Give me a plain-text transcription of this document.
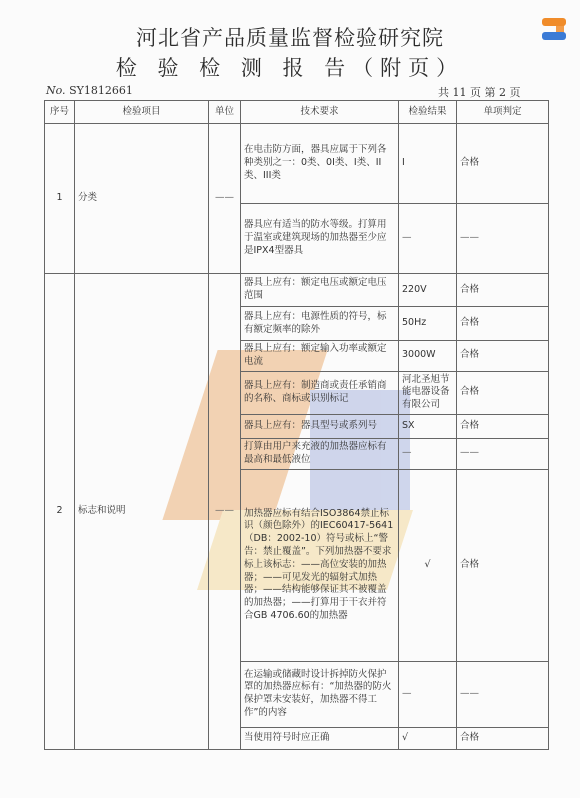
河北省产品质量监督检验研究院
检 验 检 测 报 告（附页）
No. SY1812661	共 11 页 第 2 页
序号	检验项目	单位	技术要求	检验结果	单项判定
1	分类	——	在电击防方面，器具应属于下列各种类别之一：0类、0I类、I类、II类、III类	I	合格
			器具应有适当的防水等级。打算用于温室或建筑现场的加热器至少应是IPX4型器具	—	——
2	标志和说明	——	器具上应有：额定电压或额定电压范围	220V	合格
			器具上应有：电源性质的符号，标有额定频率的除外	50Hz	合格
			器具上应有：额定输入功率或额定电流	3000W	合格
			器具上应有：制造商或责任承销商的名称、商标或识别标记	河北圣旭节能电器设备有限公司	合格
			器具上应有：器具型号或系列号	SX	合格
			打算由用户来充液的加热器应标有最高和最低液位	—	——
			加热器应标有结合ISO3864禁止标识（颜色除外）的IEC60417-5641（DB：2002-10）符号或标上“警告：禁止覆盖”。下列加热器不要求标上该标志：——高位安装的加热器；——可见发光的辐射式加热器；——结构能够保证其不被覆盖的加热器；——打算用于干衣并符合GB 4706.60的加热器	√	合格
			在运输或储藏时设计拆掉防火保护罩的加热器应标有：“加热器的防火保护罩未安装好，加热器不得工作”的内容	—	——
			当使用符号时应正确	√	合格
